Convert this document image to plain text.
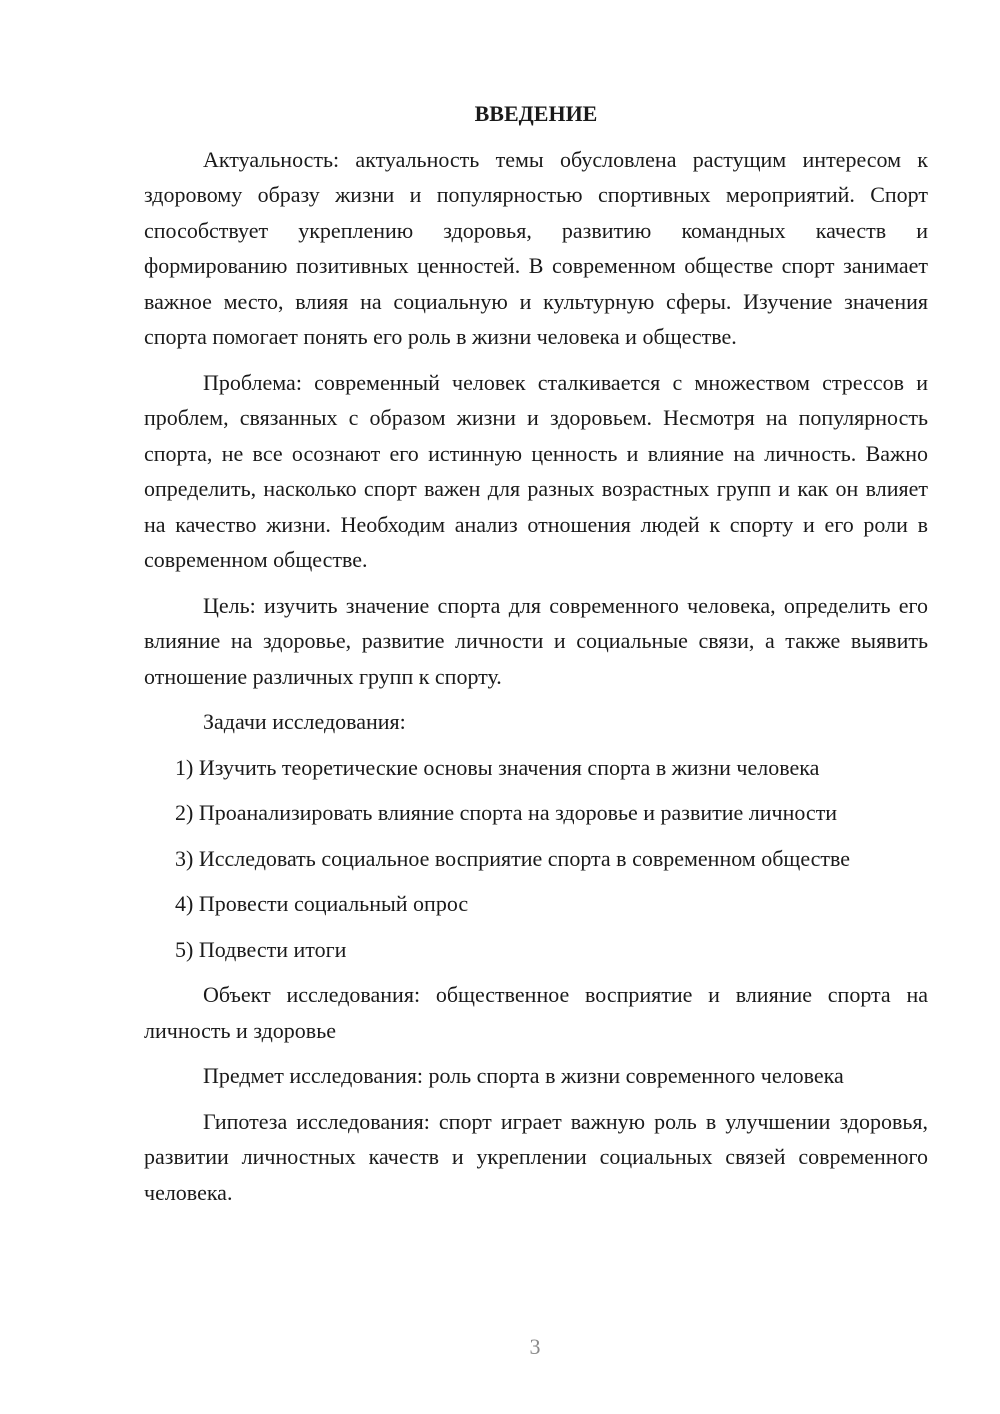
ВВЕДЕНИЕ

Актуальность: актуальность темы обусловлена растущим интересом к здоровому образу жизни и популярностью спортивных мероприятий. Спорт способствует укреплению здоровья, развитию командных качеств и формированию позитивных ценностей. В современном обществе спорт занимает важное место, влияя на социальную и культурную сферы. Изучение значения спорта помогает понять его роль в жизни человека и обществе.

Проблема: современный человек сталкивается с множеством стрессов и проблем, связанных с образом жизни и здоровьем. Несмотря на популярность спорта, не все осознают его истинную ценность и влияние на личность. Важно определить, насколько спорт важен для разных возрастных групп и как он влияет на качество жизни. Необходим анализ отношения людей к спорту и его роли в современном обществе.

Цель: изучить значение спорта для современного человека, определить его влияние на здоровье, развитие личности и социальные связи, а также выявить отношение различных групп к спорту.

Задачи исследования:

1) Изучить теоретические основы значения спорта в жизни человека

2) Проанализировать влияние спорта на здоровье и развитие личности

3) Исследовать социальное восприятие спорта в современном обществе

4) Провести социальный опрос

5) Подвести итоги

Объект исследования: общественное восприятие и влияние спорта на личность и здоровье

Предмет исследования: роль спорта в жизни современного человека

Гипотеза исследования: спорт играет важную роль в улучшении здоровья, развитии личностных качеств и укреплении социальных связей современного человека.

3
